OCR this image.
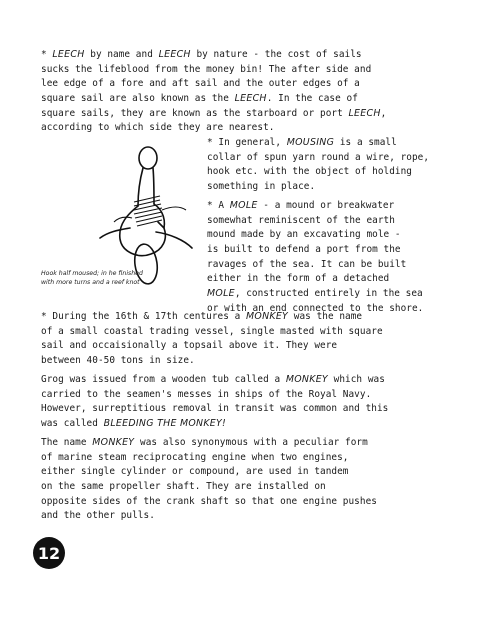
* LEECH by name and LEECH by nature - the cost of sails
sucks the lifeblood from the money bin! The after side and
lee edge of a fore and aft sail and the outer edges of a
square sail are also known as the LEECH. In the case of
square sails, they are known as the starboard or port LEECH,
according to which side they are nearest.
Hook half moused; in he finished
with more turns and a reef knot
* In general, MOUSING is a small
collar of spun yarn round a wire, rope,
hook etc. with the object of holding
something in place.
* A MOLE - a mound or breakwater
somewhat reminiscent of the earth
mound made by an excavating mole -
is built to defend a port from the
ravages of the sea. It can be built
either in the form of a detached
MOLE, constructed entirely in the sea
or with an end connected to the shore.
* During the 16th & 17th centures a MONKEY was the name
of a small coastal trading vessel, single masted with square
sail and occaisionally a topsail above it. They were
between 40-50 tons in size.
Grog was issued from a wooden tub called a MONKEY which was
carried to the seamen's messes in ships of the Royal Navy.
However, surreptitious removal in transit was common and this
was called BLEEDING THE MONKEY!
The name MONKEY was also synonymous with a peculiar form
of marine steam reciprocating engine when two engines,
either single cylinder or compound, are used in tandem
on the same propeller shaft. They are installed on
opposite sides of the crank shaft so that one engine pushes
and the other pulls.
12
